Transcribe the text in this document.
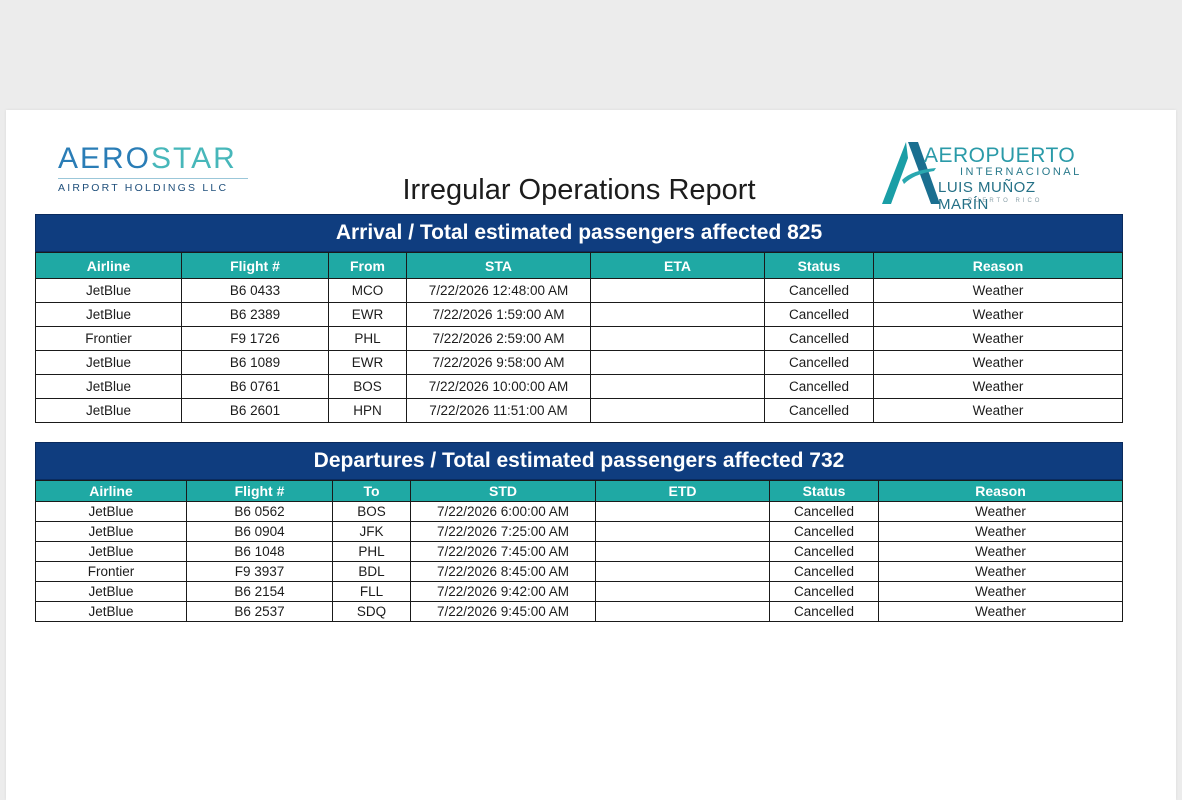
AEROSTAR
AIRPORT HOLDINGS LLC	Irregular Operations Report
AEROPUERTO
INTERNACIONAL
LUIS MUÑOZ MARÍN
PUERTO RICO
Arrival / Total estimated passengers affected 825
Airline	Flight #	From	STA	ETA	Status	Reason
JetBlue	B6 0433	MCO	7/22/2026 12:48:00 AM		Cancelled	Weather
JetBlue	B6 2389	EWR	7/22/2026 1:59:00 AM		Cancelled	Weather
Frontier	F9 1726	PHL	7/22/2026 2:59:00 AM		Cancelled	Weather
JetBlue	B6 1089	EWR	7/22/2026 9:58:00 AM		Cancelled	Weather
JetBlue	B6 0761	BOS	7/22/2026 10:00:00 AM		Cancelled	Weather
JetBlue	B6 2601	HPN	7/22/2026 11:51:00 AM		Cancelled	Weather
Departures / Total estimated passengers affected 732
Airline	Flight #	To	STD	ETD	Status	Reason
JetBlue	B6 0562	BOS	7/22/2026 6:00:00 AM		Cancelled	Weather
JetBlue	B6 0904	JFK	7/22/2026 7:25:00 AM		Cancelled	Weather
JetBlue	B6 1048	PHL	7/22/2026 7:45:00 AM		Cancelled	Weather
Frontier	F9 3937	BDL	7/22/2026 8:45:00 AM		Cancelled	Weather
JetBlue	B6 2154	FLL	7/22/2026 9:42:00 AM		Cancelled	Weather
JetBlue	B6 2537	SDQ	7/22/2026 9:45:00 AM		Cancelled	Weather
